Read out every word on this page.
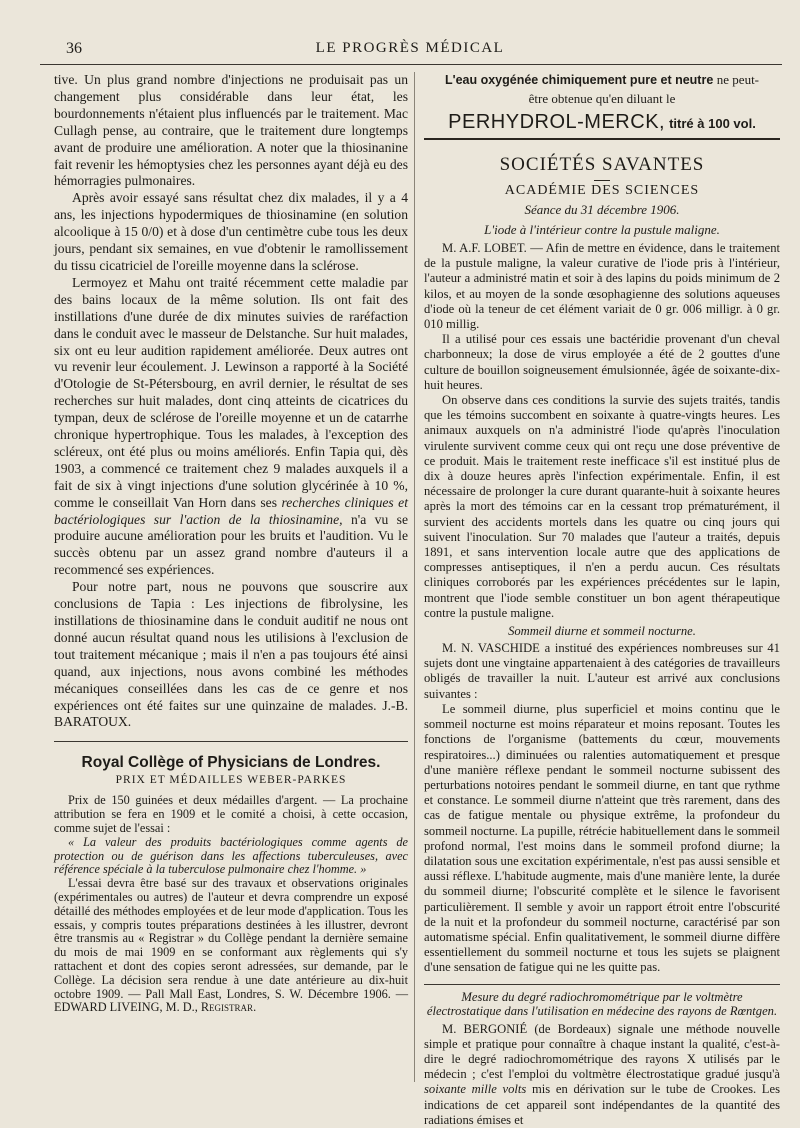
36	LE PROGRÈS MÉDICAL

tive. Un plus grand nombre d'injections ne produisait pas un changement plus considérable dans leur état, les bourdonnements n'étaient plus influencés par le traitement. Mac Cullagh pense, au contraire, que le traitement dure longtemps avant de produire une amélioration. A noter que la thiosinanine fait revenir les hémoptysies chez les personnes ayant déjà eu des hémorragies pulmonaires.

Après avoir essayé sans résultat chez dix malades, il y a 4 ans, les injections hypodermiques de thiosinamine (en solution alcoolique à 15 0/0) et à dose d'un centimètre cube tous les deux jours, pendant six semaines, en vue d'obtenir le ramollissement du tissu cicatriciel de l'oreille moyenne dans la sclérose.

Lermoyez et Mahu ont traité récemment cette maladie par des bains locaux de la même solution. Ils ont fait des instillations d'une durée de dix minutes suivies de raréfaction dans le conduit avec le masseur de Delstanche. Sur huit malades, six ont eu leur audition rapidement améliorée. Deux autres ont vu revenir leur écoulement. J. Lewinson a rapporté à la Société d'Otologie de St-Pétersbourg, en avril dernier, le résultat de ses recherches sur huit malades, dont cinq atteints de cicatrices du tympan, deux de sclérose de l'oreille moyenne et un de catarrhe chronique hypertrophique. Tous les malades, à l'exception des scléreux, ont été plus ou moins améliorés. Enfin Tapia qui, dès 1903, a commencé ce traitement chez 9 malades auxquels il a fait de six à vingt injections d'une solution glycérinée à 10 %, comme le conseillait Van Horn dans ses recherches cliniques et bactériologiques sur l'action de la thiosinamine, n'a vu se produire aucune amélioration pour les bruits et l'audition. Vu le succès obtenu par un assez grand nombre d'auteurs il a recommencé ses expériences.

Pour notre part, nous ne pouvons que souscrire aux conclusions de Tapia : Les injections de fibrolysine, les instillations de thiosinamine dans le conduit auditif ne nous ont donné aucun résultat quand nous les utilisions à l'exclusion de tout traitement mécanique ; mais il n'en a pas toujours été ainsi quand, aux injections, nous avons combiné les méthodes mécaniques conseillées dans les cas de ce genre et nos expériences ont été faites sur une quinzaine de malades. J.-B. BARATOUX.

Royal Collège of Physicians de Londres.
PRIX ET MÉDAILLES WEBER-PARKES

Prix de 150 guinées et deux médailles d'argent. — La prochaine attribution se fera en 1909 et le comité a choisi, à cette occasion, comme sujet de l'essai :

« La valeur des produits bactériologiques comme agents de protection ou de guérison dans les affections tuberculeuses, avec référence spéciale à la tuberculose pulmonaire chez l'homme. »

L'essai devra être basé sur des travaux et observations originales (expérimentales ou autres) de l'auteur et devra comprendre un exposé détaillé des méthodes employées et de leur mode d'application. Tous les essais, y compris toutes préparations destinées à les illustrer, devront être transmis au « Registrar » du Collège pendant la dernière semaine du mois de mai 1909 en se conformant aux règlements qui s'y rattachent et dont des copies seront adressées, sur demande, par le Collège. La décision sera rendue à une date antérieure au dix-huit octobre 1909. — Pall Mall East, Londres, S. W. Décembre 1906. — EDWARD LIVEING, M. D., Registrar.

L'eau oxygénée chimiquement pure et neutre ne peut-
être obtenue qu'en diluant le
PERHYDROL-MERCK, titré à 100 vol.
SOCIÉTÉS SAVANTES
ACADÉMIE DES SCIENCES
Séance du 31 décembre 1906.
L'iode à l'intérieur contre la pustule maligne.

M. A.F. LOBET. — Afin de mettre en évidence, dans le traitement de la pustule maligne, la valeur curative de l'iode pris à l'intérieur, l'auteur a administré matin et soir à des lapins du poids minimum de 2 kilos, et au moyen de la sonde œsophagienne des solutions aqueuses d'iode où la teneur de cet élément variait de 0 gr. 006 milligr. à 0 gr. 010 millig.

Il a utilisé pour ces essais une bactéridie provenant d'un cheval charbonneux; la dose de virus employée a été de 2 gouttes d'une culture de bouillon soigneusement émulsionnée, âgée de soixante-dix-huit heures.

On observe dans ces conditions la survie des sujets traités, tandis que les témoins succombent en soixante à quatre-vingts heures. Les animaux auxquels on n'a administré l'iode qu'après l'inoculation virulente survivent comme ceux qui ont reçu une dose préventive de ce produit. Mais le traitement reste inefficace s'il est institué plus de dix à douze heures après l'infection expérimentale. Enfin, il est nécessaire de prolonger la cure durant quarante-huit à soixante heures après la mort des témoins car en la cessant trop prématurément, il survient des accidents mortels dans les quatre ou cinq jours qui suivent l'inoculation. Sur 70 malades que l'auteur a traités, depuis 1891, et sans intervention locale autre que des applications de compresses antiseptiques, il n'en a perdu aucun. Ces résultats cliniques corroborés par les expériences précédentes sur le lapin, montrent que l'iode semble constituer un bon agent thérapeutique contre la pustule maligne.

Sommeil diurne et sommeil nocturne.

M. N. VASCHIDE a institué des expériences nombreuses sur 41 sujets dont une vingtaine appartenaient à des catégories de travailleurs obligés de travailler la nuit. L'auteur est arrivé aux conclusions suivantes :

Le sommeil diurne, plus superficiel et moins continu que le sommeil nocturne est moins réparateur et moins reposant. Toutes les fonctions de l'organisme (battements du cœur, mouvements respiratoires...) diminuées ou ralenties automatiquement et presque d'une manière réflexe pendant le sommeil nocturne subissent des perturbations notoires pendant le sommeil diurne, en tant que rythme et constance. Le sommeil diurne n'atteint que très rarement, dans des cas de fatigue mentale ou physique extrême, la profondeur du sommeil nocturne. La pupille, rétrécie habituellement dans le sommeil profond normal, l'est moins dans le sommeil profond diurne; la dilatation sous une excitation expérimentale, n'est pas aussi sensible et aussi réflexe. L'habitude augmente, mais d'une manière lente, la durée du sommeil diurne; l'obscurité complète et le silence le favorisent particulièrement. Il semble y avoir un rapport étroit entre l'obscurité de la nuit et la profondeur du sommeil nocturne, caractérisé par son automatisme spécial. Enfin qualitativement, le sommeil diurne diffère essentiellement du sommeil nocturne et tous les sujets se plaignent d'une sensation de fatigue qui ne les quitte pas.

Mesure du degré radiochromométrique par le voltmètre électrostatique dans l'utilisation en médecine des rayons de Rœntgen.

M. BERGONIÉ (de Bordeaux) signale une méthode nouvelle simple et pratique pour connaître à chaque instant la qualité, c'est-à-dire le degré radiochromométrique des rayons X utilisés par le médecin ; c'est l'emploi du voltmètre électrostatique gradué jusqu'à soixante mille volts mis en dérivation sur le tube de Crookes. Les indications de cet appareil sont indépendantes de la quantité des radiations émises et
